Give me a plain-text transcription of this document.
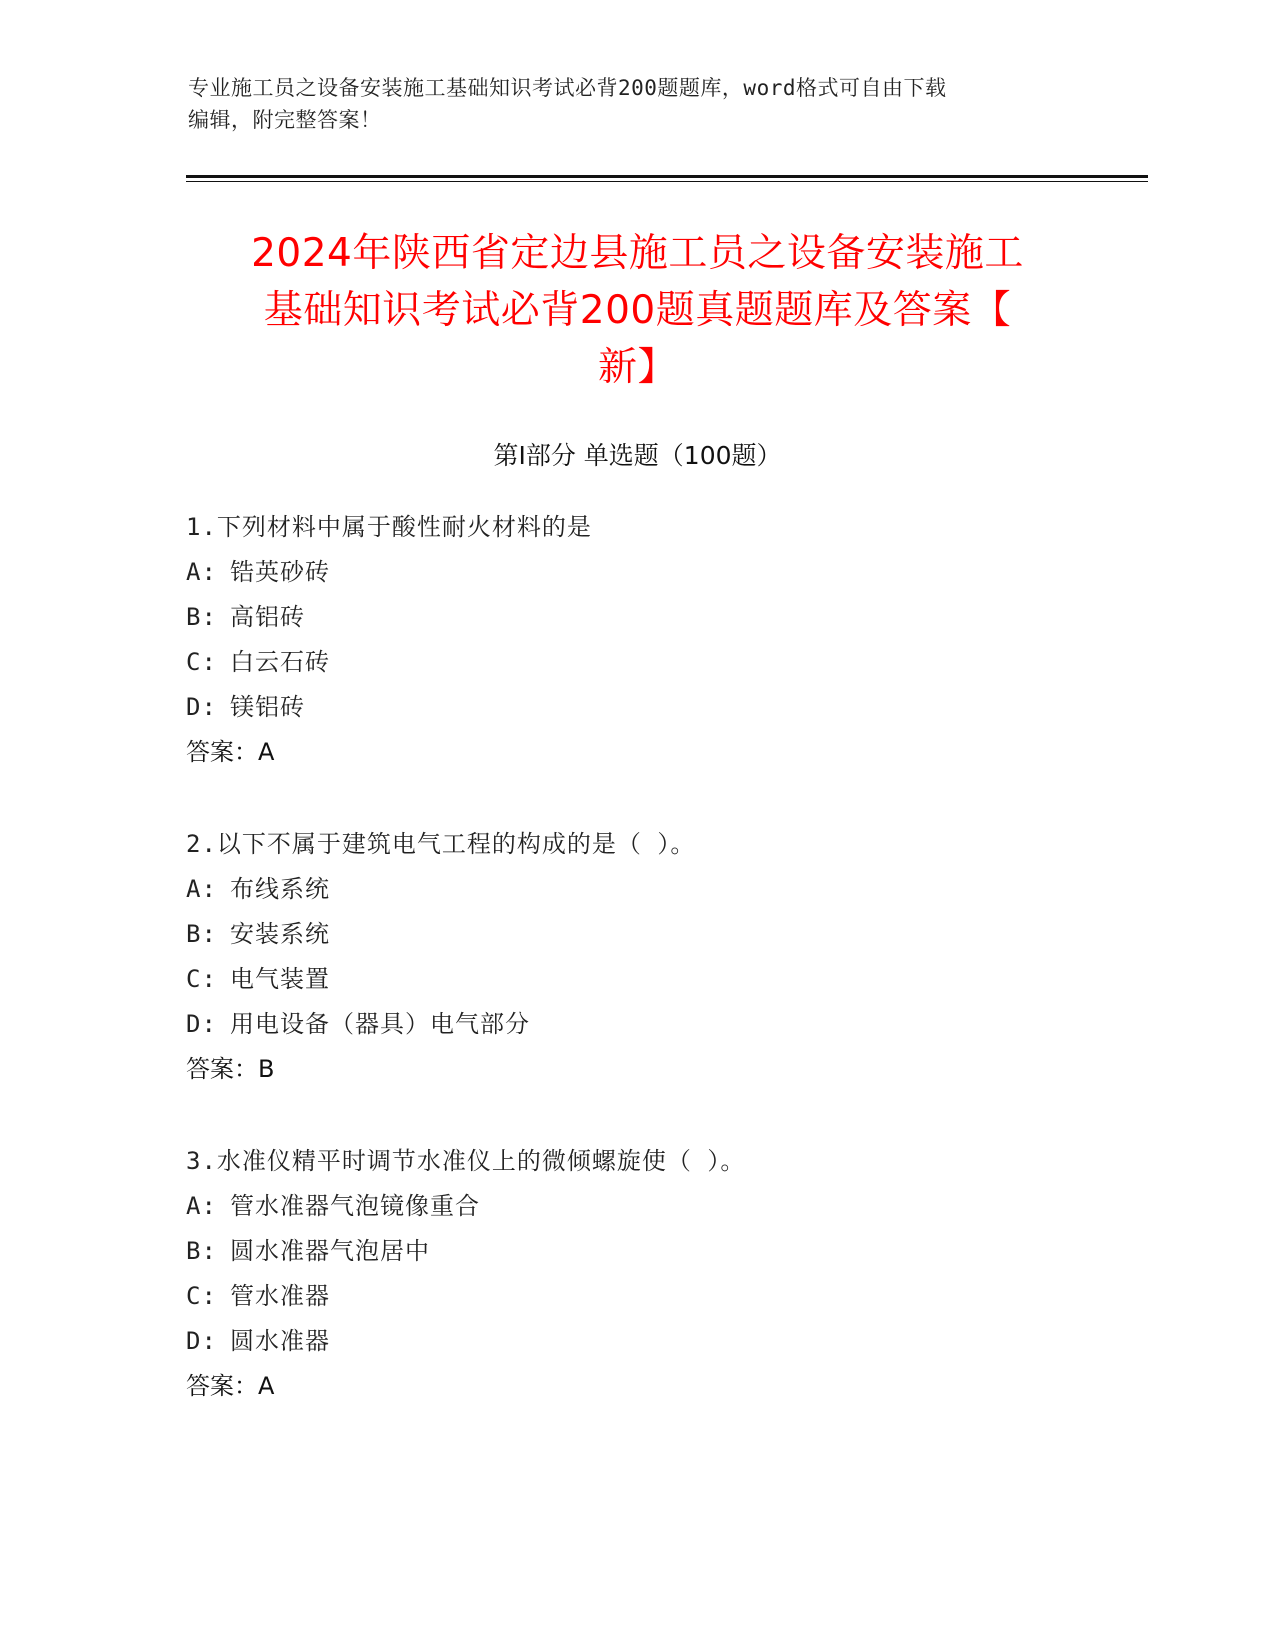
专业施工员之设备安装施工基础知识考试必背200题题库，word格式可自由下载
编辑，附完整答案！
2024年陕西省定边县施工员之设备安装施工
基础知识考试必背200题真题题库及答案【
新】
第Ⅰ部分 单选题（100题）
1.下列材料中属于酸性耐火材料的是
A: 锆英砂砖
B: 高铝砖
C: 白云石砖
D: 镁铝砖
答案：A
2.以下不属于建筑电气工程的构成的是（ ）。
A: 布线系统
B: 安装系统
C: 电气装置
D: 用电设备（器具）电气部分
答案：B
3.水准仪精平时调节水准仪上的微倾螺旋使（ ）。
A: 管水准器气泡镜像重合
B: 圆水准器气泡居中
C: 管水准器
D: 圆水准器
答案：A
